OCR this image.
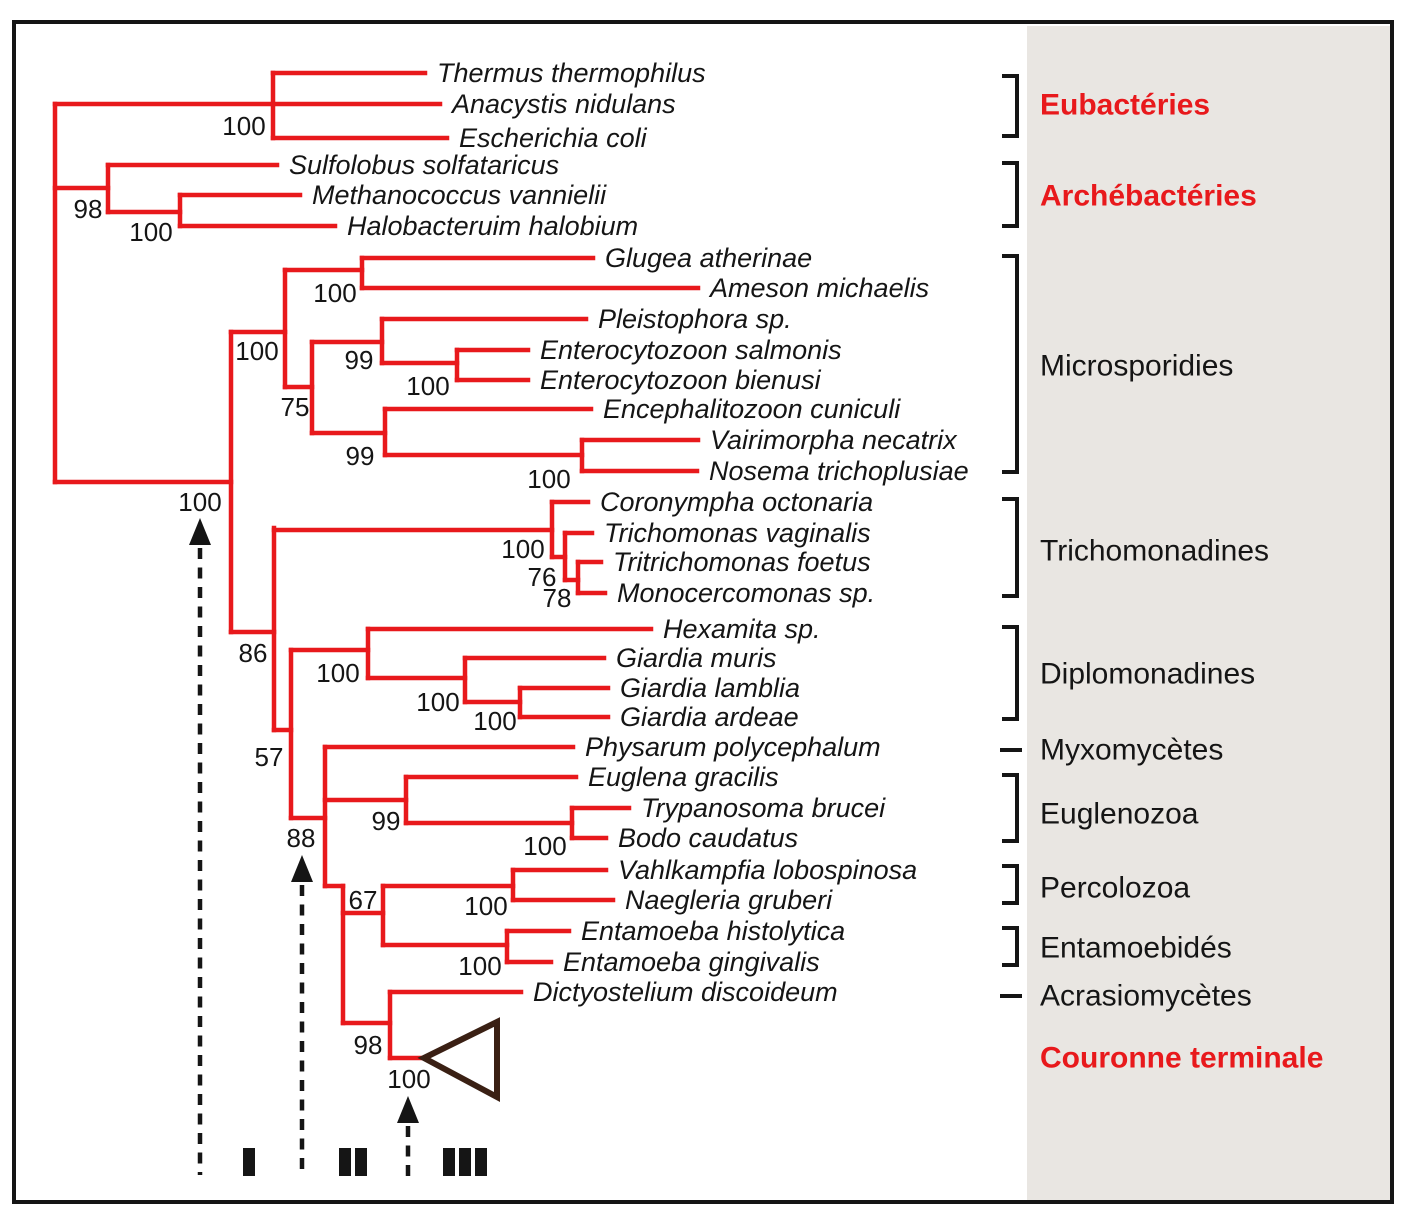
Eubactéries
Archébactéries
Microsporidies
Trichomonadines
Diplomonadines
Myxomycètes
Euglenozoa
Percolozoa
Entamoebidés
Acrasiomycètes
Couronne terminale
Thermus thermophilus
Anacystis nidulans
Escherichia coli
Sulfolobus solfataricus
Methanococcus vannielii
Halobacteruim halobium
Glugea atherinae
Ameson michaelis
Pleistophora sp.
Enterocytozoon salmonis
Enterocytozoon bienusi
Encephalitozoon cuniculi
Vairimorpha necatrix
Nosema trichoplusiae
Coronympha octonaria
Trichomonas vaginalis
Tritrichomonas foetus
Monocercomonas sp.
Hexamita sp.
Giardia muris
Giardia lamblia
Giardia ardeae
Physarum polycephalum
Euglena gracilis
Trypanosoma brucei
Bodo caudatus
Vahlkampfia lobospinosa
Naegleria gruberi
Entamoeba histolytica
Entamoeba gingivalis
Dictyostelium discoideum
100
98
100
100
100	99
100
75
99
100
100
100
76
78
86
100
100
100
57
88
99
100
67	100
100
98
100
